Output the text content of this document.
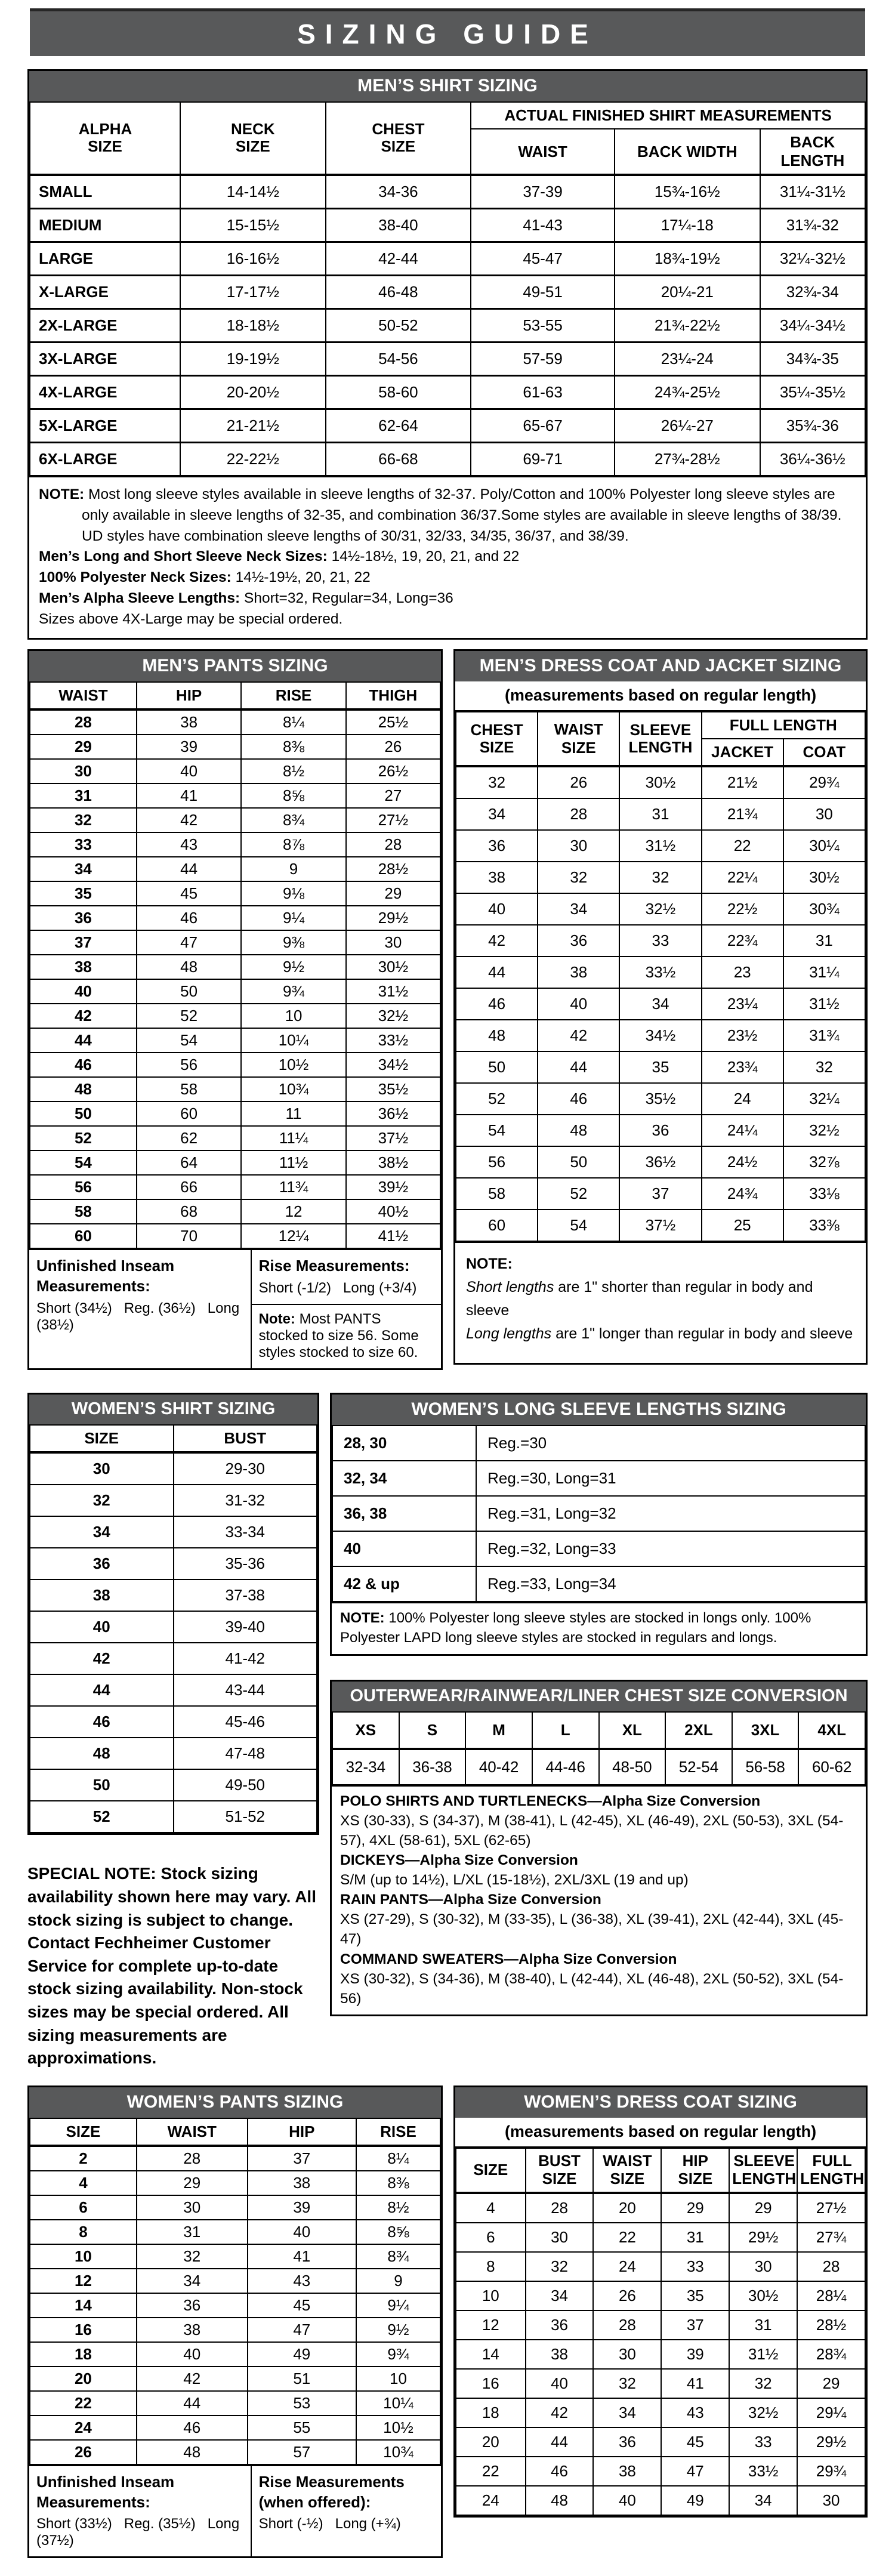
SIZING GUIDE
MEN’S SHIRT SIZING
ALPHA SIZE	NECK SIZE	CHEST SIZE	ACTUAL FINISHED SHIRT MEASUREMENTS		
			WAIST	BACK WIDTH	BACK LENGTH
SMALL	14-14½	34-36	37-39	15¾-16½	31¼-31½
MEDIUM	15-15½	38-40	41-43	17¼-18	31¾-32
LARGE	16-16½	42-44	45-47	18¾-19½	32¼-32½
X-LARGE	17-17½	46-48	49-51	20¼-21	32¾-34
2X-LARGE	18-18½	50-52	53-55	21¾-22½	34¼-34½
3X-LARGE	19-19½	54-56	57-59	23¼-24	34¾-35
4X-LARGE	20-20½	58-60	61-63	24¾-25½	35¼-35½
5X-LARGE	21-21½	62-64	65-67	26¼-27	35¾-36
6X-LARGE	22-22½	66-68	69-71	27¾-28½	36¼-36½
NOTE: Most long sleeve styles available in sleeve lengths of 32-37. Poly/Cotton and 100% Polyester long sleeve styles are only available in sleeve lengths of 32-35, and combination 36/37.Some styles are available in sleeve lengths of 38/39. UD styles have combination sleeve lengths of 30/31, 32/33, 34/35, 36/37, and 38/39.
Men’s Long and Short Sleeve Neck Sizes: 14½-18½, 19, 20, 21, and 22
100% Polyester Neck Sizes: 14½-19½, 20, 21, 22
Men’s Alpha Sleeve Lengths: Short=32, Regular=34, Long=36
Sizes above 4X-Large may be special ordered.
MEN’S PANTS SIZING
WAIST	HIP	RISE	THIGH
28	38	8¼	25½
29	39	8⅜	26
30	40	8½	26½
31	41	8⅝	27
32	42	8¾	27½
33	43	8⅞	28
34	44	9	28½
35	45	9⅛	29
36	46	9¼	29½
37	47	9⅜	30
38	48	9½	30½
40	50	9¾	31½
42	52	10	32½
44	54	10¼	33½
46	56	10½	34½
48	58	10¾	35½
50	60	11	36½
52	62	11¼	37½
54	64	11½	38½
56	66	11¾	39½
58	68	12	40½
60	70	12¼	41½
Unfinished Inseam Measurements:
Short (34½)   Reg. (36½)   Long (38½)
Rise Measurements:
Short (-1/2)   Long (+3/4)
Note: Most PANTS stocked to size 56. Some styles stocked to size 60.
MEN’S DRESS COAT AND JACKET SIZING
(measurements based on regular length)
CHEST SIZE	WAIST SIZE	SLEEVE LENGTH	FULL LENGTH	
			JACKET	COAT
32	26	30½	21½	29¾
34	28	31	21¾	30
36	30	31½	22	30¼
38	32	32	22¼	30½
40	34	32½	22½	30¾
42	36	33	22¾	31
44	38	33½	23	31¼
46	40	34	23¼	31½
48	42	34½	23½	31¾
50	44	35	23¾	32
52	46	35½	24	32¼
54	48	36	24¼	32½
56	50	36½	24½	32⅞
58	52	37	24¾	33⅛
60	54	37½	25	33⅜
NOTE:
Short lengths are 1" shorter than regular in body and sleeve
Long lengths are 1" longer than regular in body and sleeve
WOMEN’S SHIRT SIZING
SIZE	BUST
30	29-30
32	31-32
34	33-34
36	35-36
38	37-38
40	39-40
42	41-42
44	43-44
46	45-46
48	47-48
50	49-50
52	51-52
SPECIAL NOTE: Stock sizing availability shown here may vary. All stock sizing is subject to change. Contact Fechheimer Customer Service for complete up-to-date stock sizing availability. Non-stock sizes may be special ordered. All sizing measurements are approximations.
WOMEN’S LONG SLEEVE LENGTHS SIZING
28, 30	Reg.=30
32, 34	Reg.=30, Long=31
36, 38	Reg.=31, Long=32
40	Reg.=32, Long=33
42 & up	Reg.=33, Long=34
NOTE: 100% Polyester long sleeve styles are stocked in longs only. 100% Polyester LAPD long sleeve styles are stocked in regulars and longs.
OUTERWEAR/RAINWEAR/LINER CHEST SIZE CONVERSION
XS	S	M	L	XL	2XL	3XL	4XL
32-34	36-38	40-42	44-46	48-50	52-54	56-58	60-62
POLO SHIRTS AND TURTLENECKS—Alpha Size Conversion
XS (30-33), S (34-37), M (38-41), L (42-45), XL (46-49), 2XL (50-53), 3XL (54-57), 4XL (58-61), 5XL (62-65)
DICKEYS—Alpha Size Conversion
S/M (up to 14½), L/XL (15-18½), 2XL/3XL (19 and up)
RAIN PANTS—Alpha Size Conversion
XS (27-29), S (30-32), M (33-35), L (36-38), XL (39-41), 2XL (42-44), 3XL (45-47)
COMMAND SWEATERS—Alpha Size Conversion
XS (30-32), S (34-36), M (38-40), L (42-44), XL (46-48), 2XL (50-52), 3XL (54-56)
WOMEN’S PANTS SIZING
SIZE	WAIST	HIP	RISE
2	28	37	8¼
4	29	38	8⅜
6	30	39	8½
8	31	40	8⅝
10	32	41	8¾
12	34	43	9
14	36	45	9¼
16	38	47	9½
18	40	49	9¾
20	42	51	10
22	44	53	10¼
24	46	55	10½
26	48	57	10¾
Unfinished Inseam Measurements:
Short (33½)   Reg. (35½)   Long (37½)
Rise Measurements (when offered):
Short (-½)   Long (+¾)
WOMEN’S DRESS COAT SIZING
(measurements based on regular length)
SIZE	BUST SIZE	WAIST SIZE	HIP SIZE	SLEEVE LENGTH	FULL LENGTH
4	28	20	29	29	27½
6	30	22	31	29½	27¾
8	32	24	33	30	28
10	34	26	35	30½	28¼
12	36	28	37	31	28½
14	38	30	39	31½	28¾
16	40	32	41	32	29
18	42	34	43	32½	29¼
20	44	36	45	33	29½
22	46	38	47	33½	29¾
24	48	40	49	34	30
